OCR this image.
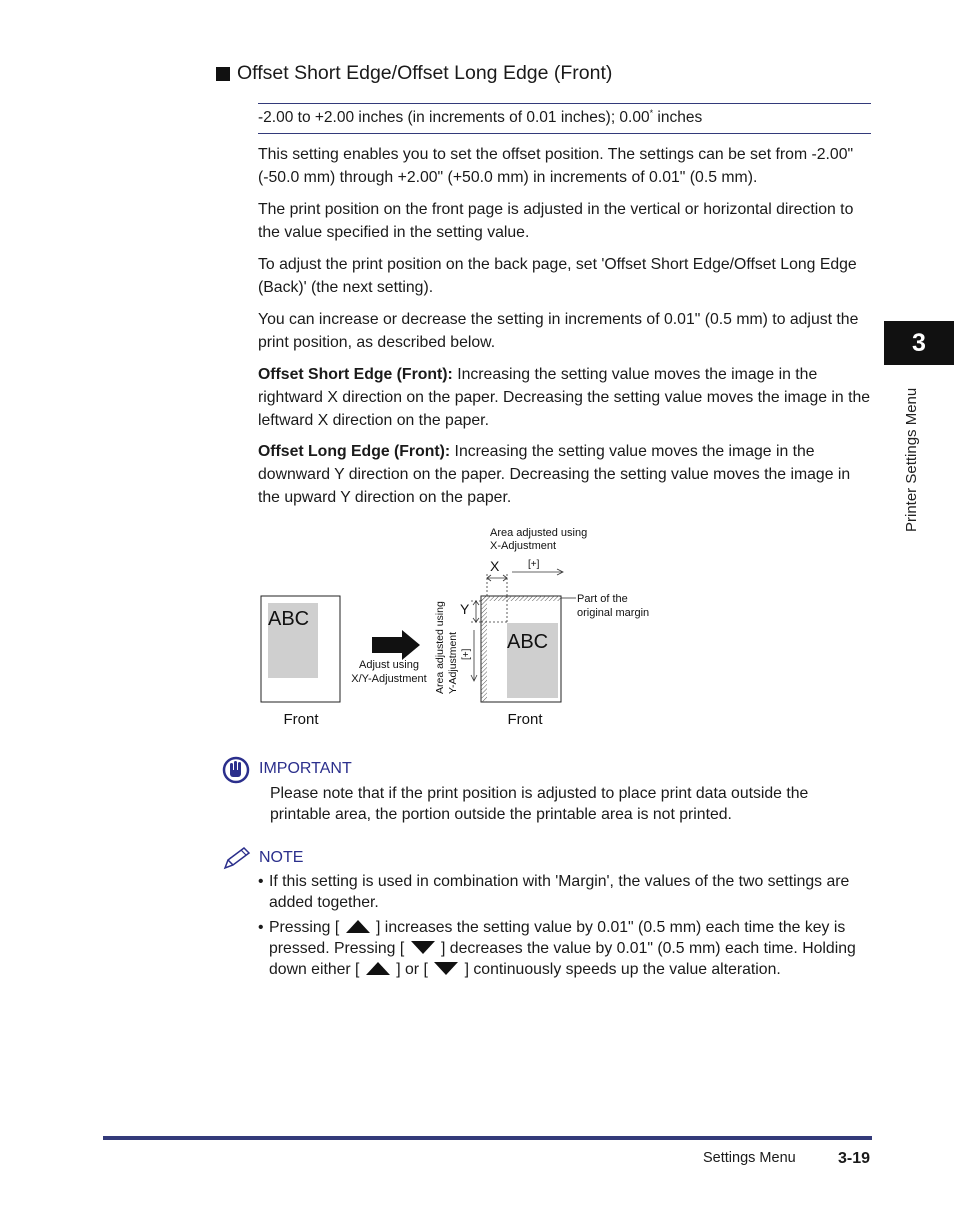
Offset Short Edge/Offset Long Edge (Front)
-2.00 to +2.00 inches (in increments of 0.01 inches); 0.00* inches

This setting enables you to set the offset position. The settings can be set from -2.00" (-50.0 mm) through +2.00" (+50.0 mm) in increments of 0.01" (0.5 mm).

The print position on the front page is adjusted in the vertical or horizontal direction to the value specified in the setting value.

To adjust the print position on the back page, set 'Offset Short Edge/Offset Long Edge (Back)' (the next setting).

You can increase or decrease the setting in increments of 0.01" (0.5 mm) to adjust the print position, as described below.

Offset Short Edge (Front): Increasing the setting value moves the image in the rightward X direction on the paper. Decreasing the setting value moves the image in the leftward X direction on the paper.

Offset Long Edge (Front): Increasing the setting value moves the image in the downward Y direction on the paper. Decreasing the setting value moves the image in the upward Y direction on the paper.

ABC
Front
Adjust using
X/Y-Adjustment
ABC
Front
Area adjusted using
X-Adjustment
X	[+]
Y
Area adjusted using Y-Adjustment [+]
Part of the
original margin
IMPORTANT
Please note that if the print position is adjusted to place print data outside the printable area, the portion outside the printable area is not printed.
NOTE
• If this setting is used in combination with 'Margin', the values of the two settings are added together.
• Pressing [ ] increases the setting value by 0.01" (0.5 mm) each time the key is pressed. Pressing [ ] decreases the value by 0.01" (0.5 mm) each time. Holding down either [ ] or [ ] continuously speeds up the value alteration.
3
Printer Settings Menu
Settings Menu	3-19
